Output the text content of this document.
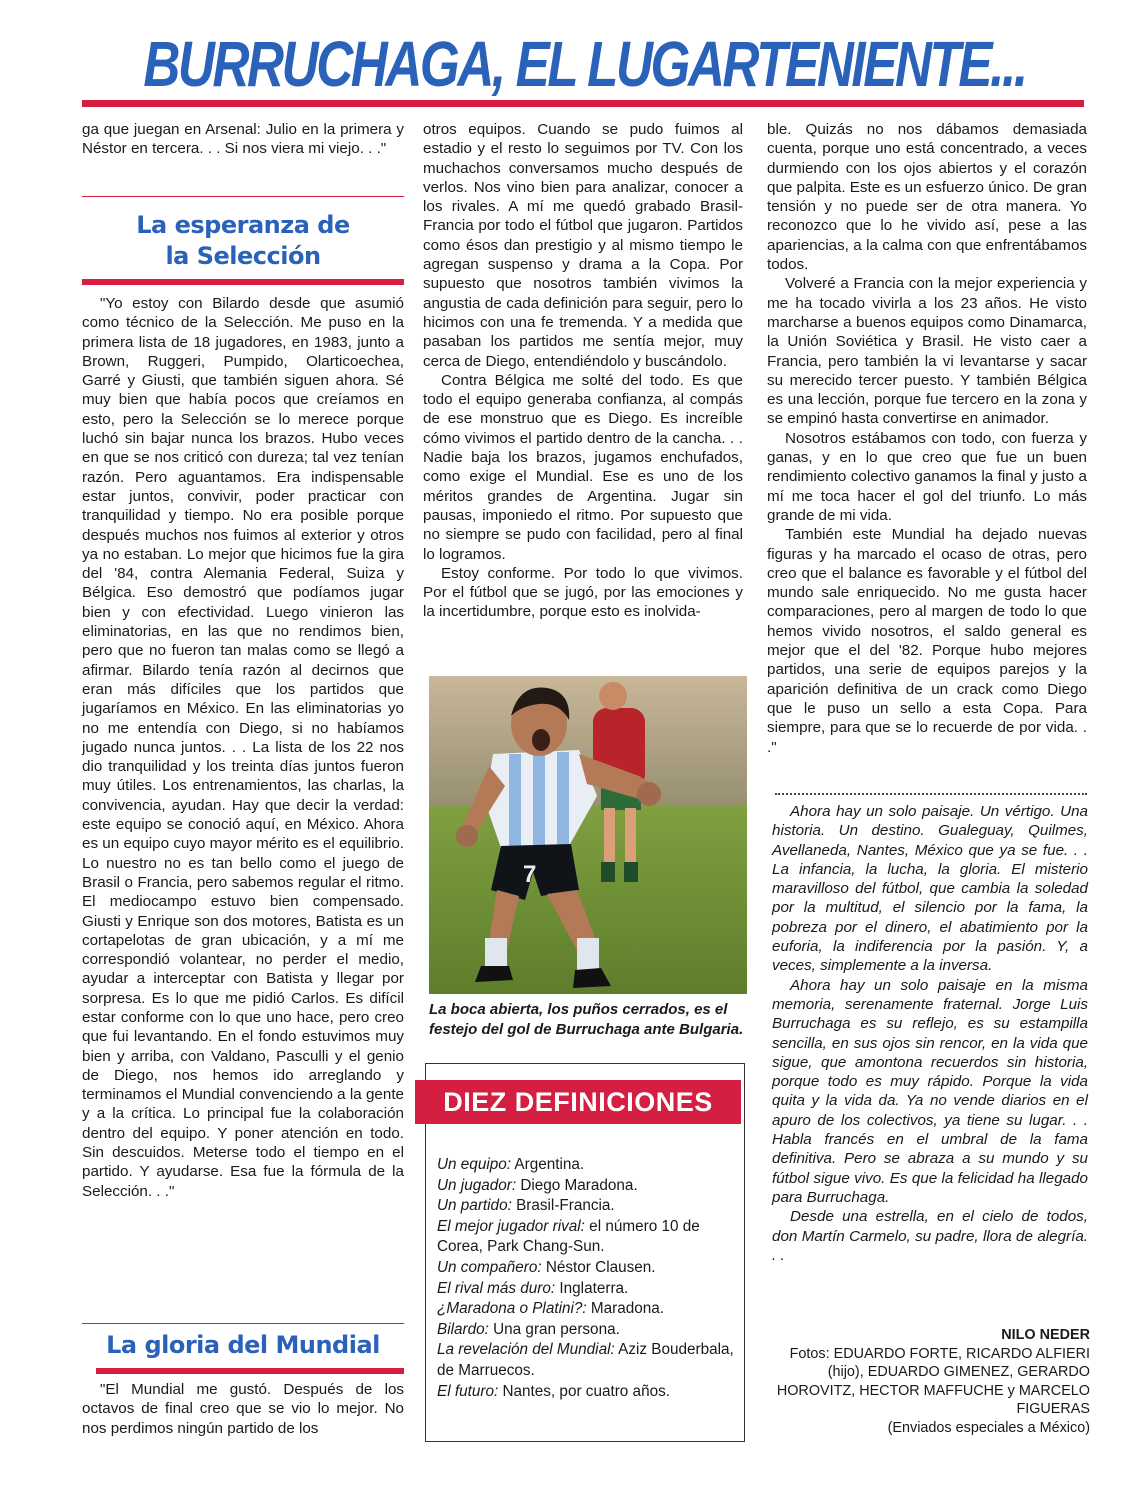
BURRUCHAGA, EL LUGARTENIENTE...

ga que juegan en Arsenal: Julio en la primera y Néstor en tercera. . . Si nos viera mi viejo. . ."

La esperanza de
la Selección

"Yo estoy con Bilardo desde que asumió como técnico de la Selección. Me puso en la primera lista de 18 jugadores, en 1983, junto a Brown, Ruggeri, Pumpido, Olarticoechea, Garré y Giusti, que también siguen ahora. Sé muy bien que había pocos que creíamos en esto, pero la Selección se lo merece porque luchó sin bajar nunca los brazos. Hubo veces en que se nos criticó con dureza; tal vez tenían razón. Pero aguantamos. Era indispensable estar juntos, convivir, poder practicar con tranquilidad y tiempo. No era posible porque después muchos nos fuimos al exterior y otros ya no estaban. Lo mejor que hicimos fue la gira del '84, contra Alemania Federal, Suiza y Bélgica. Eso demostró que podíamos jugar bien y con efectividad. Luego vinieron las eliminatorias, en las que no rendimos bien, pero que no fueron tan malas como se llegó a afirmar. Bilardo tenía razón al decirnos que eran más difíciles que los partidos que jugaríamos en México. En las eliminatorias yo no me entendía con Diego, si no habíamos jugado nunca juntos. . . La lista de los 22 nos dio tranquilidad y los treinta días juntos fueron muy útiles. Los entrenamientos, las charlas, la convivencia, ayudan. Hay que decir la verdad: este equipo se conoció aquí, en México. Ahora es un equipo cuyo mayor mérito es el equilibrio. Lo nuestro no es tan bello como el juego de Brasil o Francia, pero sabemos regular el ritmo. El mediocampo estuvo bien compensado. Giusti y Enrique son dos motores, Batista es un cortapelotas de gran ubicación, y a mí me correspondió volantear, no perder el medio, ayudar a interceptar con Batista y llegar por sorpresa. Es lo que me pidió Carlos. Es difícil estar conforme con lo que uno hace, pero creo que fui levantando. En el fondo estuvimos muy bien y arriba, con Valdano, Pasculli y el genio de Diego, nos hemos ido arreglando y terminamos el Mundial convenciendo a la gente y a la crítica. Lo principal fue la colaboración dentro del equipo. Y poner atención en todo. Sin descuidos. Meterse todo el tiempo en el partido. Y ayudarse. Esa fue la fórmula de la Selección. . ."

La gloria del Mundial

"El Mundial me gustó. Después de los octavos de final creo que se vio lo mejor. No nos perdimos ningún partido de los

otros equipos. Cuando se pudo fuimos al estadio y el resto lo seguimos por TV. Con los muchachos conversamos mucho después de verlos. Nos vino bien para analizar, conocer a los rivales. A mí me quedó grabado Brasil-Francia por todo el fútbol que jugaron. Partidos como ésos dan prestigio y al mismo tiempo le agregan suspenso y drama a la Copa. Por supuesto que nosotros también vivimos la angustia de cada definición para seguir, pero lo hicimos con una fe tremenda. Y a medida que pasaban los partidos me sentía mejor, muy cerca de Diego, entendiéndolo y buscándolo.

Contra Bélgica me solté del todo. Es que todo el equipo generaba confianza, al compás de ese monstruo que es Diego. Es increíble cómo vivimos el partido dentro de la cancha. . . Nadie baja los brazos, jugamos enchufados, como exige el Mundial. Ese es uno de los méritos grandes de Argentina. Jugar sin pausas, imponiedo el ritmo. Por supuesto que no siempre se pudo con facilidad, pero al final lo logramos.

Estoy conforme. Por todo lo que vivimos. Por el fútbol que se jugó, por las emociones y la incertidumbre, porque esto es inolvida-

7
La boca abierta, los puños cerrados, es el festejo del gol de Burruchaga ante Bulgaria.
DIEZ DEFINICIONES
Un equipo: Argentina.
Un jugador: Diego Maradona.
Un partido: Brasil-Francia.
El mejor jugador rival: el número 10 de Corea, Park Chang-Sun.
Un compañero: Néstor Clausen.
El rival más duro: Inglaterra.
¿Maradona o Platini?: Maradona.
Bilardo: Una gran persona.
La revelación del Mundial: Aziz Bouderbala, de Marruecos.
El futuro: Nantes, por cuatro años.

ble. Quizás no nos dábamos demasiada cuenta, porque uno está concentrado, a veces durmiendo con los ojos abiertos y el corazón que palpita. Este es un esfuerzo único. De gran tensión y no puede ser de otra manera. Yo reconozco que lo he vivido así, pese a las apariencias, a la calma con que enfrentábamos todos.

Volveré a Francia con la mejor experiencia y me ha tocado vivirla a los 23 años. He visto marcharse a buenos equipos como Dinamarca, la Unión Soviética y Brasil. He visto caer a Francia, pero también la vi levantarse y sacar su merecido tercer puesto. Y también Bélgica es una lección, porque fue tercero en la zona y se empinó hasta convertirse en animador.

Nosotros estábamos con todo, con fuerza y ganas, y en lo que creo que fue un buen rendimiento colectivo ganamos la final y justo a mí me toca hacer el gol del triunfo. Lo más grande de mi vida.

También este Mundial ha dejado nuevas figuras y ha marcado el ocaso de otras, pero creo que el balance es favorable y el fútbol del mundo sale enriquecido. No me gusta hacer comparaciones, pero al margen de todo lo que hemos vivido nosotros, el saldo general es mejor que el del '82. Porque hubo mejores partidos, una serie de equipos parejos y la aparición definitiva de un crack como Diego que le puso un sello a esta Copa. Para siempre, para que se lo recuerde de por vida. . ."

Ahora hay un solo paisaje. Un vértigo. Una historia. Un destino. Gualeguay, Quilmes, Avellaneda, Nantes, México que ya se fue. . . La infancia, la lucha, la gloria. El misterio maravilloso del fútbol, que cambia la soledad por la multitud, el silencio por la fama, la pobreza por el dinero, el abatimiento por la euforia, la indiferencia por la pasión. Y, a veces, simplemente a la inversa.

Ahora hay un solo paisaje en la misma memoria, serenamente fraternal. Jorge Luis Burruchaga es su reflejo, es su estampilla sencilla, en sus ojos sin rencor, en la vida que sigue, que amontona recuerdos sin historia, porque todo es muy rápido. Porque la vida quita y la vida da. Ya no vende diarios en el apuro de los colectivos, ya tiene su lugar. . . Habla francés en el umbral de la fama definitiva. Pero se abraza a su mundo y su fútbol sigue vivo. Es que la felicidad ha llegado para Burruchaga.

Desde una estrella, en el cielo de todos, don Martín Carmelo, su padre, llora de alegría. . .

NILO NEDER
Fotos: EDUARDO FORTE, RICARDO ALFIERI (hijo), EDUARDO GIMENEZ, GERARDO HOROVITZ, HECTOR MAFFUCHE y MARCELO FIGUERAS
(Enviados especiales a México)
